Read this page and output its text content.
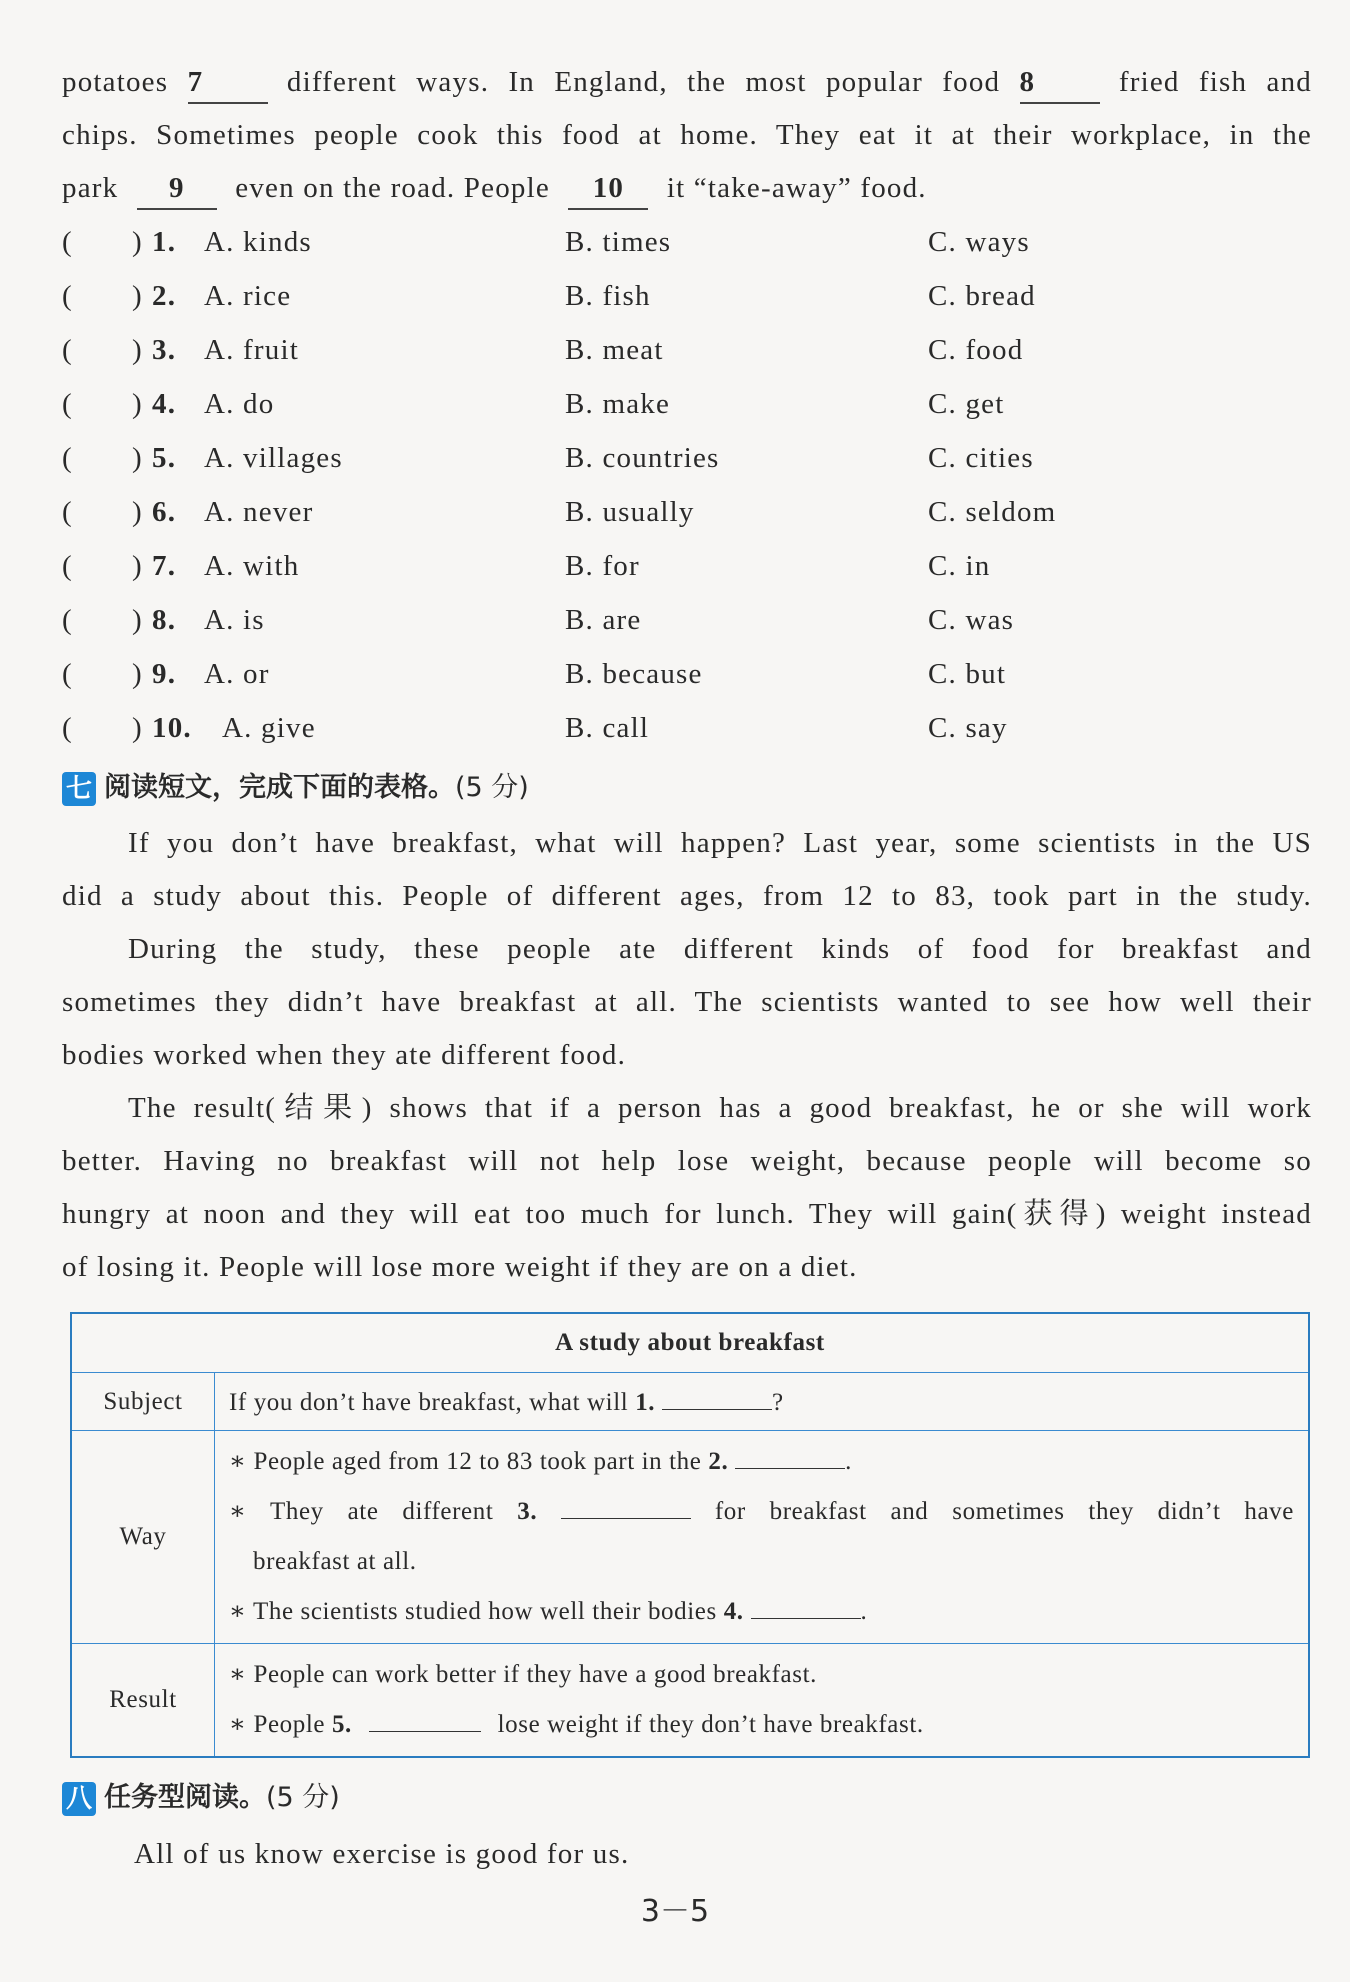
potatoes 7	different ways. In England, the most popular food 8	fried fish and
chips. Sometimes people cook this food at home. They eat it at their workplace, in the
park 9 even on the road. People 10 it “take-away” food.
(       ) 1. A. kinds	B. times	C. ways
(       ) 2. A. rice	B. fish	C. bread
(       ) 3. A. fruit	B. meat	C. food
(       ) 4. A. do	B. make	C. get
(       ) 5. A. villages	B. countries	C. cities
(       ) 6. A. never	B. usually	C. seldom
(       ) 7. A. with	B. for	C. in
(       ) 8. A. is	B. are	C. was
(       ) 9. A. or	B. because	C. but
(       ) 10. A. give	B. call	C. say
七 阅读短文，完成下面的表格。(5 分)
If you don’t have breakfast, what will happen? Last year, some scientists in the US
did a study about this. People of different ages, from 12 to 83, took part in the study.
During the study, these people ate different kinds of food for breakfast and
sometimes they didn’t have breakfast at all. The scientists wanted to see how well their
bodies worked when they ate different food.
The result(结果) shows that if a person has a good breakfast, he or she will work
better. Having no breakfast will not help lose weight, because people will become so
hungry at noon and they will eat too much for lunch. They will gain(获得) weight instead
of losing it. People will lose more weight if they are on a diet.
A study about breakfast	
Subject	If you don’t have breakfast, what will 1. ?
Way	∗ People aged from 12 to 83 took part in the 2. .
∗ They ate different 3. for breakfast and sometimes they didn’t have
breakfast at all.
∗ The scientists studied how well their bodies 4. .

Result	∗ People can work better if they have a good breakfast.
∗ People 5. lose weight if they don’t have breakfast.
八 任务型阅读。(5 分)
All of us know exercise is good for us.
3－5
